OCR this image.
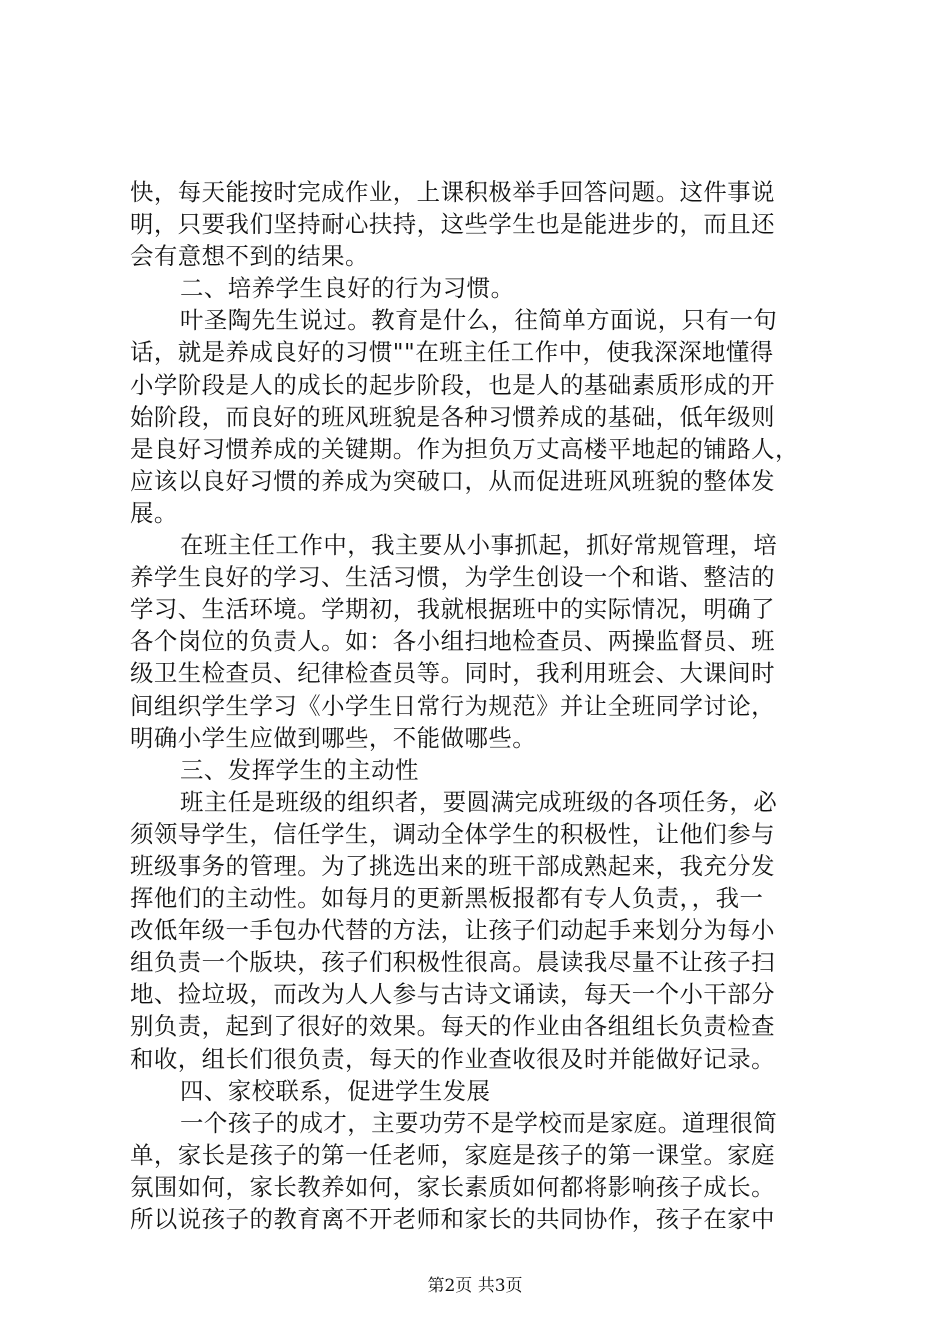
快，每天能按时完成作业，上课积极举手回答问题。这件事说
明，只要我们坚持耐心扶持，这些学生也是能进步的，而且还
会有意想不到的结果。
二、培养学生良好的行为习惯。
叶圣陶先生说过。教育是什么，往简单方面说，只有一句
话，就是养成良好的习惯""在班主任工作中，使我深深地懂得
小学阶段是人的成长的起步阶段，也是人的基础素质形成的开
始阶段，而良好的班风班貌是各种习惯养成的基础，低年级则
是良好习惯养成的关键期。作为担负万丈高楼平地起的铺路人，
应该以良好习惯的养成为突破口，从而促进班风班貌的整体发
展。
在班主任工作中，我主要从小事抓起，抓好常规管理，培
养学生良好的学习、生活习惯，为学生创设一个和谐、整洁的
学习、生活环境。学期初，我就根据班中的实际情况，明确了
各个岗位的负责人。如：各小组扫地检查员、两操监督员、班
级卫生检查员、纪律检查员等。同时，我利用班会、大课间时
间组织学生学习《小学生日常行为规范》并让全班同学讨论，
明确小学生应做到哪些，不能做哪些。
三、发挥学生的主动性
班主任是班级的组织者，要圆满完成班级的各项任务，必
须领导学生，信任学生，调动全体学生的积极性，让他们参与
班级事务的管理。为了挑选出来的班干部成熟起来，我充分发
挥他们的主动性。如每月的更新黑板报都有专人负责，，我一
改低年级一手包办代替的方法，让孩子们动起手来划分为每小
组负责一个版块，孩子们积极性很高。晨读我尽量不让孩子扫
地、捡垃圾，而改为人人参与古诗文诵读，每天一个小干部分
别负责，起到了很好的效果。每天的作业由各组组长负责检查
和收，组长们很负责，每天的作业查收很及时并能做好记录。
四、家校联系，促进学生发展
一个孩子的成才，主要功劳不是学校而是家庭。道理很简
单，家长是孩子的第一任老师，家庭是孩子的第一课堂。家庭
氛围如何，家长教养如何，家长素质如何都将影响孩子成长。
所以说孩子的教育离不开老师和家长的共同协作，孩子在家中
第2页 共3页
